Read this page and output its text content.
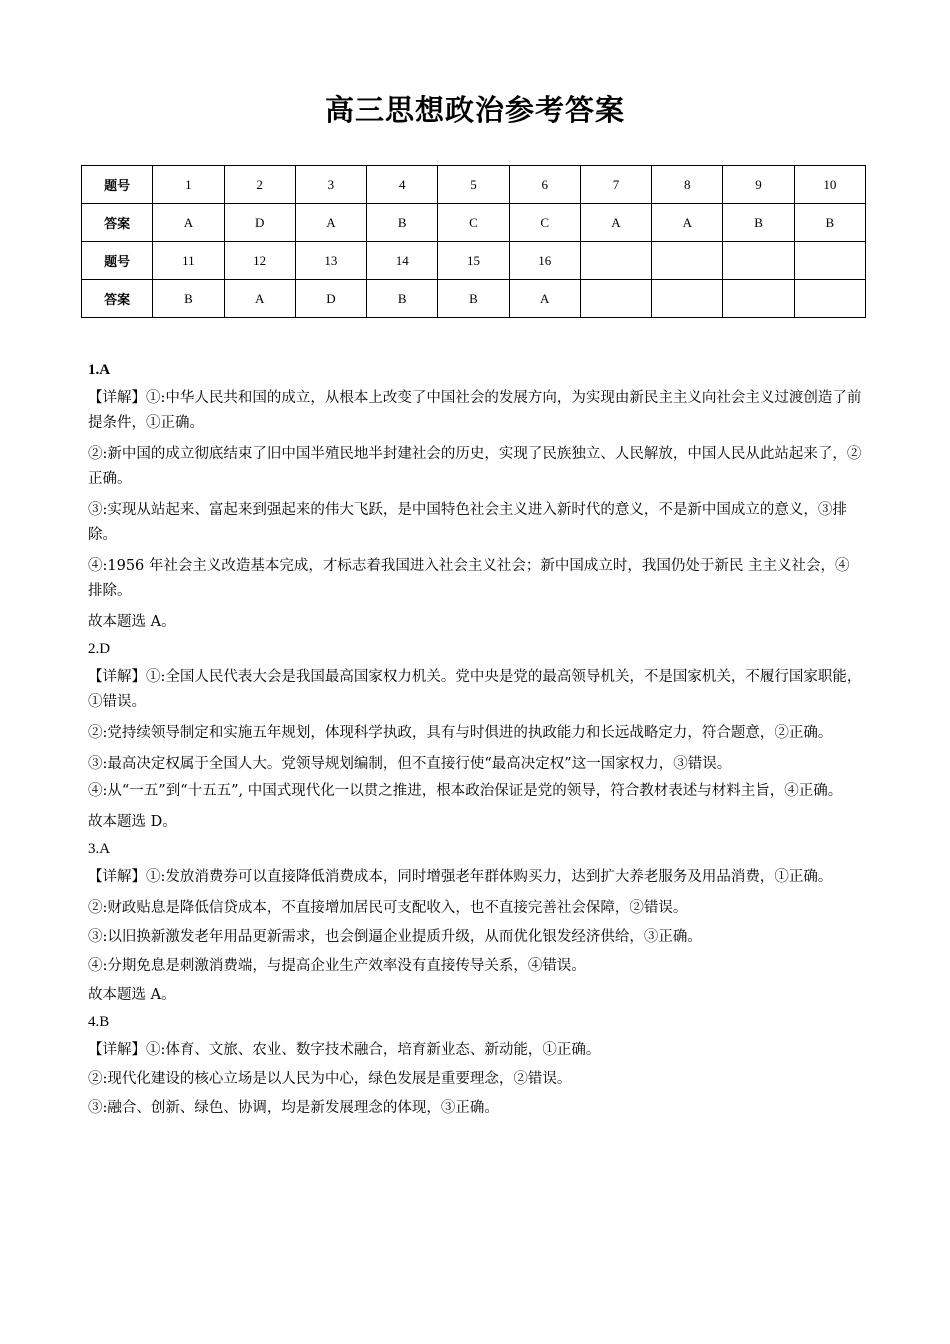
高三思想政治参考答案
题号	1	2	3	4	5	6	7	8	9	10
答案	A	D	A	B	C	C	A	A	B	B
题号	11	12	13	14	15	16				
答案	B	A	D	B	B	A				
1.A

【详解】①:中华人民共和国的成立，从根本上改变了中国社会的发展方向，为实现由新民主主义向社会主义过渡创造了前提条件，①正确。

②:新中国的成立彻底结束了旧中国半殖民地半封建社会的历史，实现了民族独立、人民解放，中国人民从此站起来了，②正确。

③:实现从站起来、富起来到强起来的伟大飞跃，是中国特色社会主义进入新时代的意义，不是新中国成立的意义，③排除。

④:1956 年社会主义改造基本完成，才标志着我国进入社会主义社会；新中国成立时，我国仍处于新民 主主义社会，④排除。

故本题选 A。

2.D

【详解】①:全国人民代表大会是我国最高国家权力机关。党中央是党的最高领导机关，不是国家机关，不履行国家职能，①错误。

②:党持续领导制定和实施五年规划，体现科学执政，具有与时俱进的执政能力和长远战略定力，符合题意，②正确。

③:最高决定权属于全国人大。党领导规划编制，但不直接行使“最高决定权”这一国家权力，③错误。

④:从“一五”到“十五五”, 中国式现代化一以贯之推进，根本政治保证是党的领导，符合教材表述与材料主旨，④正确。

故本题选 D。

3.A

【详解】①:发放消费券可以直接降低消费成本，同时增强老年群体购买力，达到扩大养老服务及用品消费，①正确。

②:财政贴息是降低信贷成本，不直接增加居民可支配收入，也不直接完善社会保障，②错误。

③:以旧换新激发老年用品更新需求，也会倒逼企业提质升级，从而优化银发经济供给，③正确。

④:分期免息是刺激消费端，与提高企业生产效率没有直接传导关系，④错误。

故本题选 A。

4.B

【详解】①:体育、文旅、农业、数字技术融合，培育新业态、新动能，①正确。

②:现代化建设的核心立场是以人民为中心，绿色发展是重要理念，②错误。

③:融合、创新、绿色、协调，均是新发展理念的体现，③正确。
